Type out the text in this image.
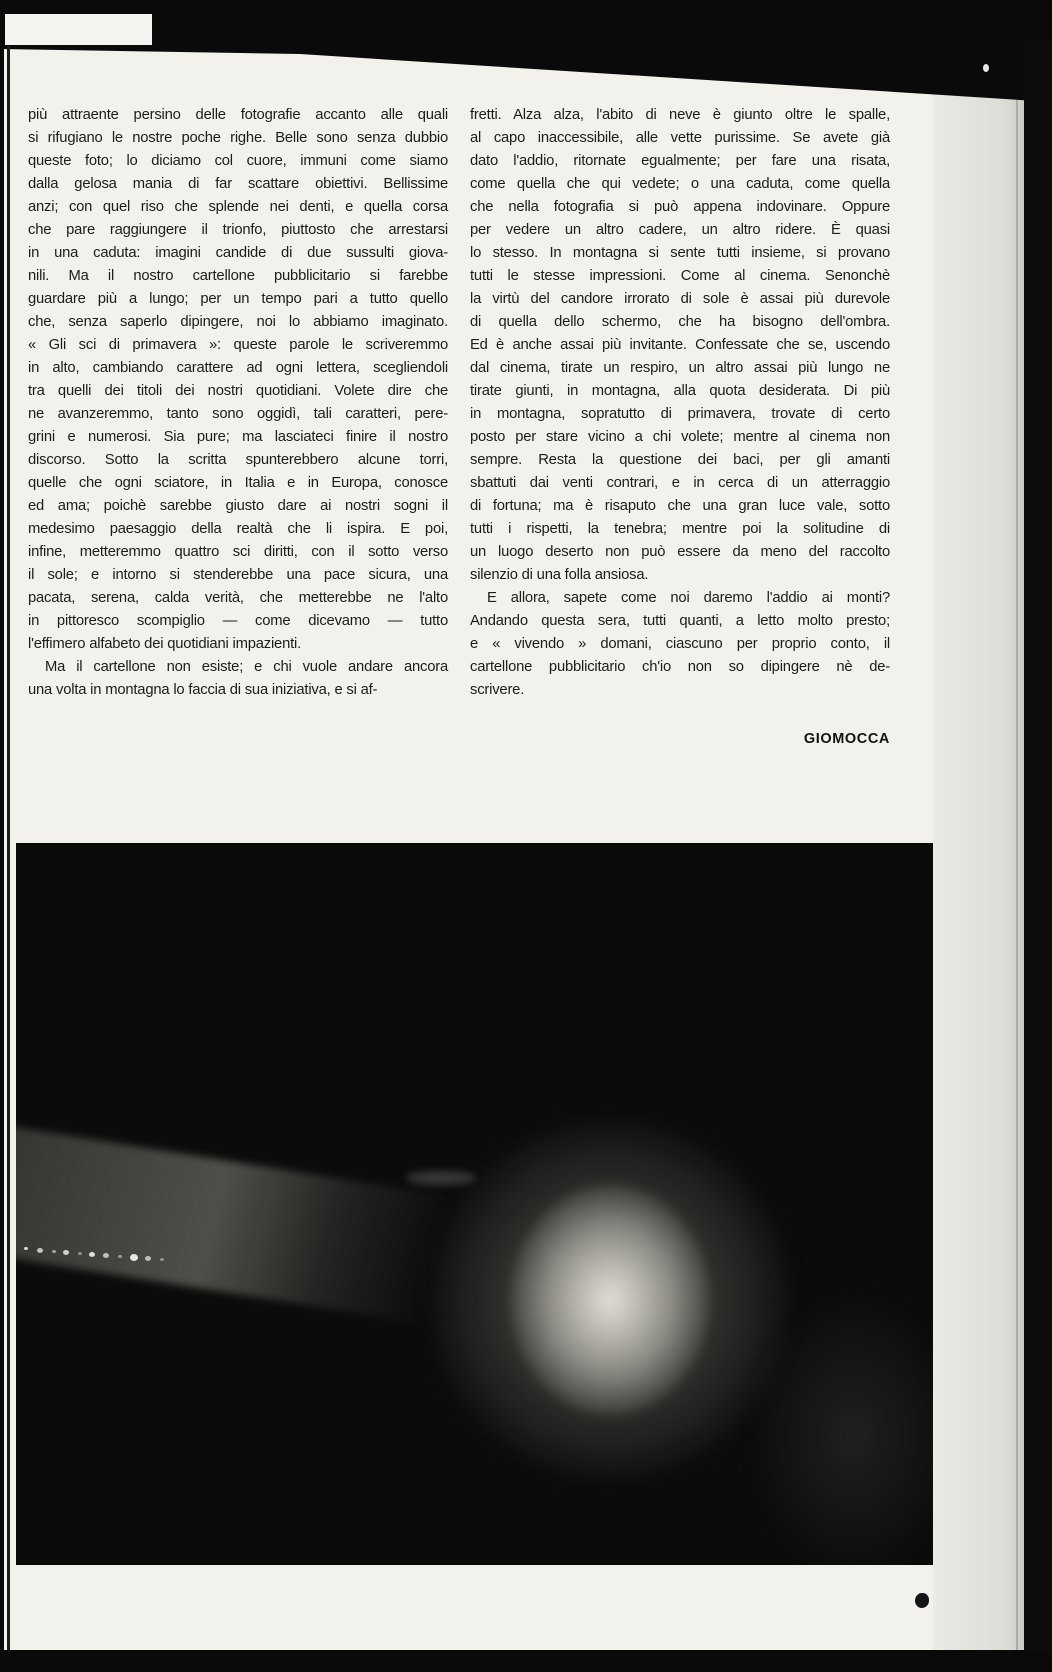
più attraente persino delle fotografie accanto alle quali
si rifugiano le nostre poche righe. Belle sono senza dubbio
queste foto; lo diciamo col cuore, immuni come siamo
dalla gelosa mania di far scattare obiettivi. Bellissime
anzi; con quel riso che splende nei denti, e quella corsa
che pare raggiungere il trionfo, piuttosto che arrestarsi
in una caduta: imagini candide di due sussulti giova-
nili. Ma il nostro cartellone pubblicitario si farebbe
guardare più a lungo; per un tempo pari a tutto quello
che, senza saperlo dipingere, noi lo abbiamo imaginato.
« Gli sci di primavera »: queste parole le scriveremmo
in alto, cambiando carattere ad ogni lettera, scegliendoli
tra quelli dei titoli dei nostri quotidiani. Volete dire che
ne avanzeremmo, tanto sono oggidì, tali caratteri, pere-
grini e numerosi. Sia pure; ma lasciateci finire il nostro
discorso. Sotto la scritta spunterebbero alcune torri,
quelle che ogni sciatore, in Italia e in Europa, conosce
ed ama; poichè sarebbe giusto dare ai nostri sogni il
medesimo paesaggio della realtà che li ispira. E poi,
infine, metteremmo quattro sci diritti, con il sotto verso
il sole; e intorno si stenderebbe una pace sicura, una
pacata, serena, calda verità, che metterebbe ne l'alto
in pittoresco scompiglio — come dicevamo — tutto
l'effimero alfabeto dei quotidiani impazienti.
Ma il cartellone non esiste; e chi vuole andare ancora
una volta in montagna lo faccia di sua iniziativa, e si af-
fretti. Alza alza, l'abito di neve è giunto oltre le spalle,
al capo inaccessibile, alle vette purissime. Se avete già
dato l'addio, ritornate egualmente; per fare una risata,
come quella che qui vedete; o una caduta, come quella
che nella fotografia si può appena indovinare. Oppure
per vedere un altro cadere, un altro ridere. È quasi
lo stesso. In montagna si sente tutti insieme, si provano
tutti le stesse impressioni. Come al cinema. Senonchè
la virtù del candore irrorato di sole è assai più durevole
di quella dello schermo, che ha bisogno dell'ombra.
Ed è anche assai più invitante. Confessate che se, uscendo
dal cinema, tirate un respiro, un altro assai più lungo ne
tirate giunti, in montagna, alla quota desiderata. Di più
in montagna, sopratutto di primavera, trovate di certo
posto per stare vicino a chi volete; mentre al cinema non
sempre. Resta la questione dei baci, per gli amanti
sbattuti dai venti contrari, e in cerca di un atterraggio
di fortuna; ma è risaputo che una gran luce vale, sotto
tutti i rispetti, la tenebra; mentre poi la solitudine di
un luogo deserto non può essere da meno del raccolto
silenzio di una folla ansiosa.
E allora, sapete come noi daremo l'addio ai monti?
Andando questa sera, tutti quanti, a letto molto presto;
e « vivendo » domani, ciascuno per proprio conto, il
cartellone pubblicitario ch'io non so dipingere nè de-
scrivere.
GIOMOCCA
